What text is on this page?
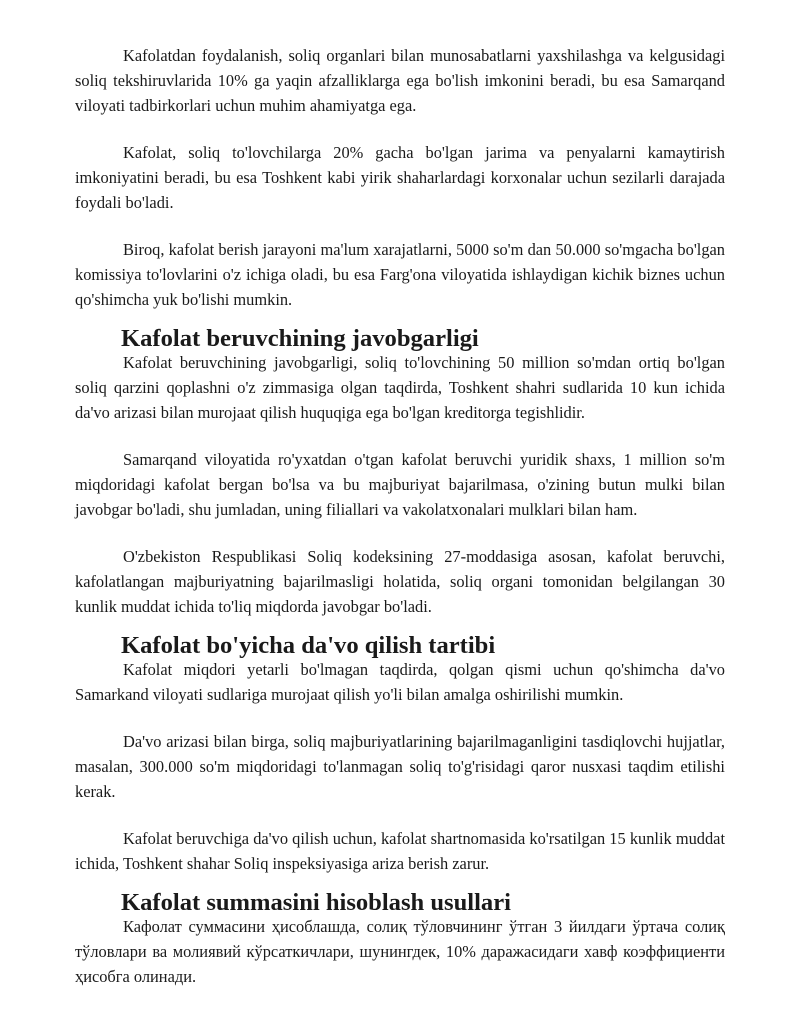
Kafolatdan foydalanish, soliq organlari bilan munosabatlarni yaxshilashga va kelgusidagi soliq tekshiruvlarida 10% ga yaqin afzalliklarga ega bo'lish imkonini beradi, bu esa Samarqand viloyati tadbirkorlari uchun muhim ahamiyatga ega.

Kafolat, soliq to'lovchilarga 20% gacha bo'lgan jarima va penyalarni kamaytirish imkoniyatini beradi, bu esa Toshkent kabi yirik shaharlardagi korxonalar uchun sezilarli darajada foydali bo'ladi.

Biroq, kafolat berish jarayoni ma'lum xarajatlarni, 5000 so'm dan 50.000 so'mgacha bo'lgan komissiya to'lovlarini o'z ichiga oladi, bu esa Farg'ona viloyatida ishlaydigan kichik biznes uchun qo'shimcha yuk bo'lishi mumkin.

Kafolat beruvchining javobgarligi

Kafolat beruvchining javobgarligi, soliq to'lovchining 50 million so'mdan ortiq bo'lgan soliq qarzini qoplashni o'z zimmasiga olgan taqdirda, Toshkent shahri sudlarida 10 kun ichida da'vo arizasi bilan murojaat qilish huquqiga ega bo'lgan kreditorga tegishlidir.

Samarqand viloyatida ro'yxatdan o'tgan kafolat beruvchi yuridik shaxs, 1 million so'm miqdoridagi kafolat bergan bo'lsa va bu majburiyat bajarilmasa, o'zining butun mulki bilan javobgar bo'ladi, shu jumladan, uning filiallari va vakolatxonalari mulklari bilan ham.

O'zbekiston Respublikasi Soliq kodeksining 27-moddasiga asosan, kafolat beruvchi, kafolatlangan majburiyatning bajarilmasligi holatida, soliq organi tomonidan belgilangan 30 kunlik muddat ichida to'liq miqdorda javobgar bo'ladi.

Kafolat bo'yicha da'vo qilish tartibi

Kafolat miqdori yetarli bo'lmagan taqdirda, qolgan qismi uchun qo'shimcha da'vo Samarkand viloyati sudlariga murojaat qilish yo'li bilan amalga oshirilishi mumkin.

Da'vo arizasi bilan birga, soliq majburiyatlarining bajarilmaganligini tasdiqlovchi hujjatlar, masalan, 300.000 so'm miqdoridagi to'lanmagan soliq to'g'risidagi qaror nusxasi taqdim etilishi kerak.

Kafolat beruvchiga da'vo qilish uchun, kafolat shartnomasida ko'rsatilgan 15 kunlik muddat ichida, Toshkent shahar Soliq inspeksiyasiga ariza berish zarur.

Kafolat summasini hisoblash usullari

Кафолат суммасини ҳисоблашда, солиқ тўловчининг ўтган 3 йилдаги ўртача солиқ тўловлари ва молиявий кўрсаткичлари, шунингдек, 10% даражасидаги хавф коэффициенти ҳисобга олинади.
